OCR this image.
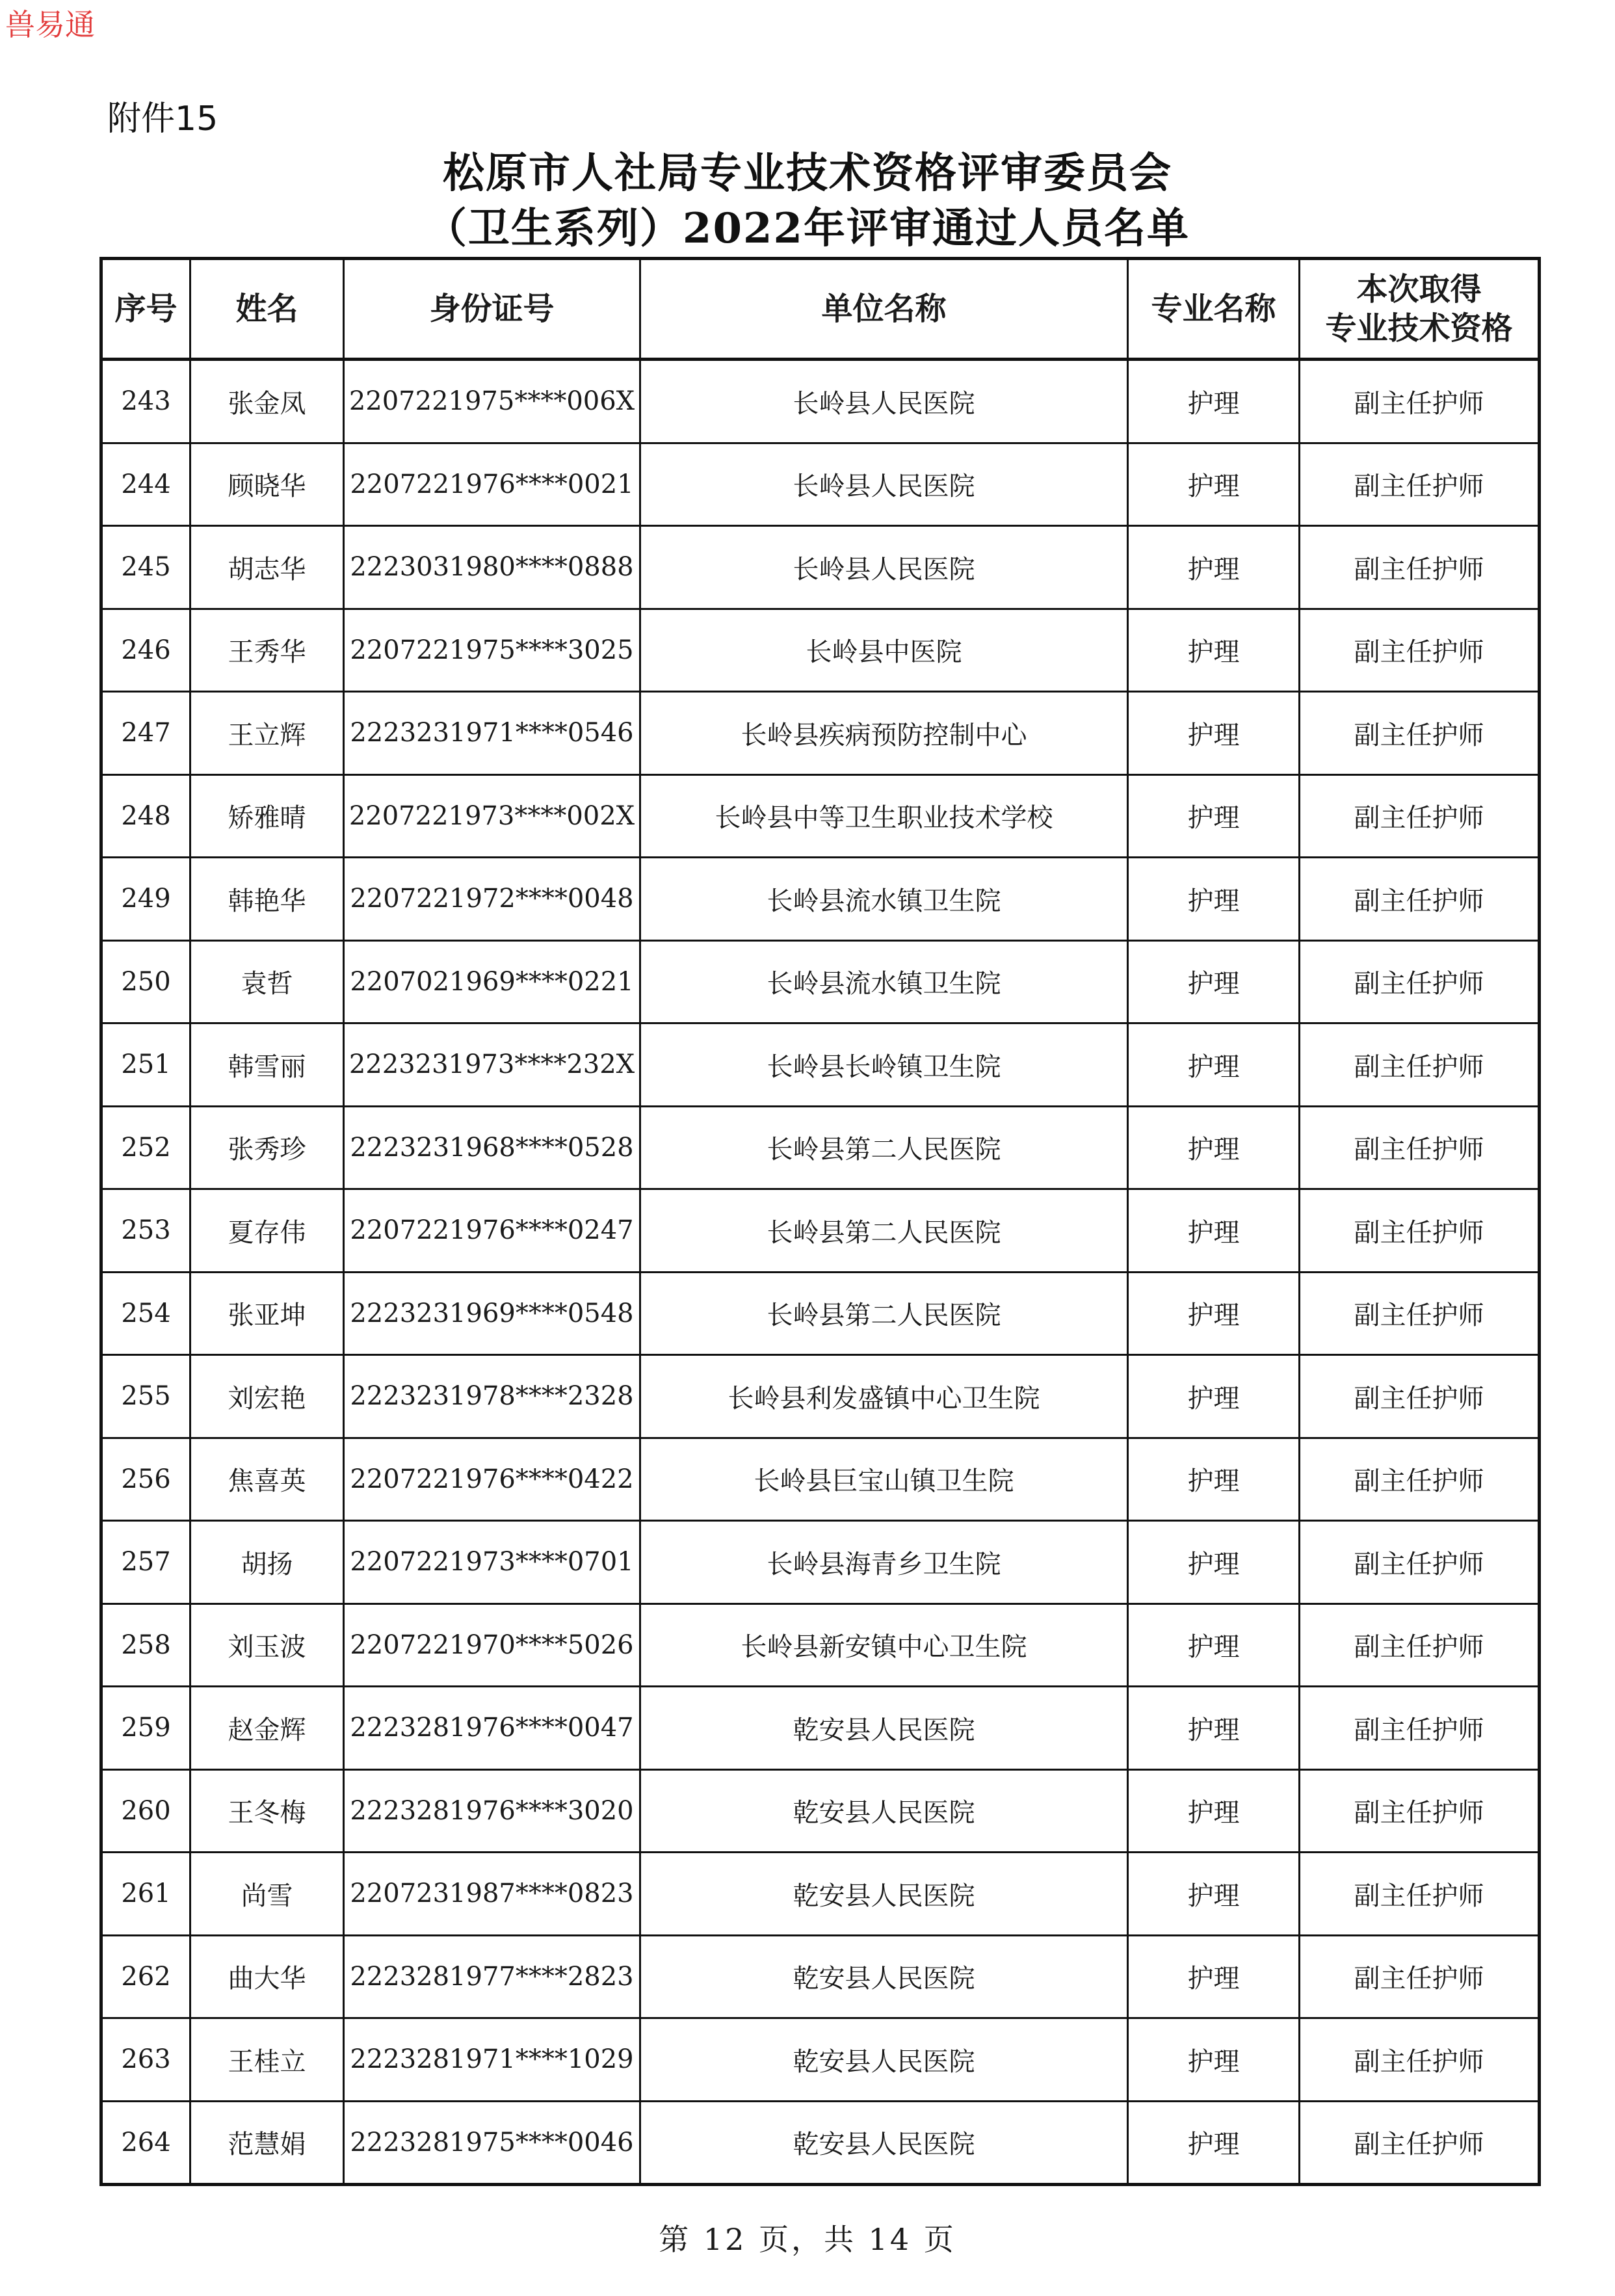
兽易通
附件15
松原市人社局专业技术资格评审委员会
（卫生系列）2022年评审通过人员名单
序号	姓名	身份证号	单位名称	专业名称	本次取得
专业技术资格

243	张金凤	2207221975****006X	长岭县人民医院	护理	副主任护师
244	顾晓华	2207221976****0021	长岭县人民医院	护理	副主任护师
245	胡志华	2223031980****0888	长岭县人民医院	护理	副主任护师
246	王秀华	2207221975****3025	长岭县中医院	护理	副主任护师
247	王立辉	2223231971****0546	长岭县疾病预防控制中心	护理	副主任护师
248	矫雅晴	2207221973****002X	长岭县中等卫生职业技术学校	护理	副主任护师
249	韩艳华	2207221972****0048	长岭县流水镇卫生院	护理	副主任护师
250	袁哲	2207021969****0221	长岭县流水镇卫生院	护理	副主任护师
251	韩雪丽	2223231973****232X	长岭县长岭镇卫生院	护理	副主任护师
252	张秀珍	2223231968****0528	长岭县第二人民医院	护理	副主任护师
253	夏存伟	2207221976****0247	长岭县第二人民医院	护理	副主任护师
254	张亚坤	2223231969****0548	长岭县第二人民医院	护理	副主任护师
255	刘宏艳	2223231978****2328	长岭县利发盛镇中心卫生院	护理	副主任护师
256	焦喜英	2207221976****0422	长岭县巨宝山镇卫生院	护理	副主任护师
257	胡扬	2207221973****0701	长岭县海青乡卫生院	护理	副主任护师
258	刘玉波	2207221970****5026	长岭县新安镇中心卫生院	护理	副主任护师
259	赵金辉	2223281976****0047	乾安县人民医院	护理	副主任护师
260	王冬梅	2223281976****3020	乾安县人民医院	护理	副主任护师
261	尚雪	2207231987****0823	乾安县人民医院	护理	副主任护师
262	曲大华	2223281977****2823	乾安县人民医院	护理	副主任护师
263	王桂立	2223281971****1029	乾安县人民医院	护理	副主任护师
264	范慧娟	2223281975****0046	乾安县人民医院	护理	副主任护师
第 12 页，共 14 页
